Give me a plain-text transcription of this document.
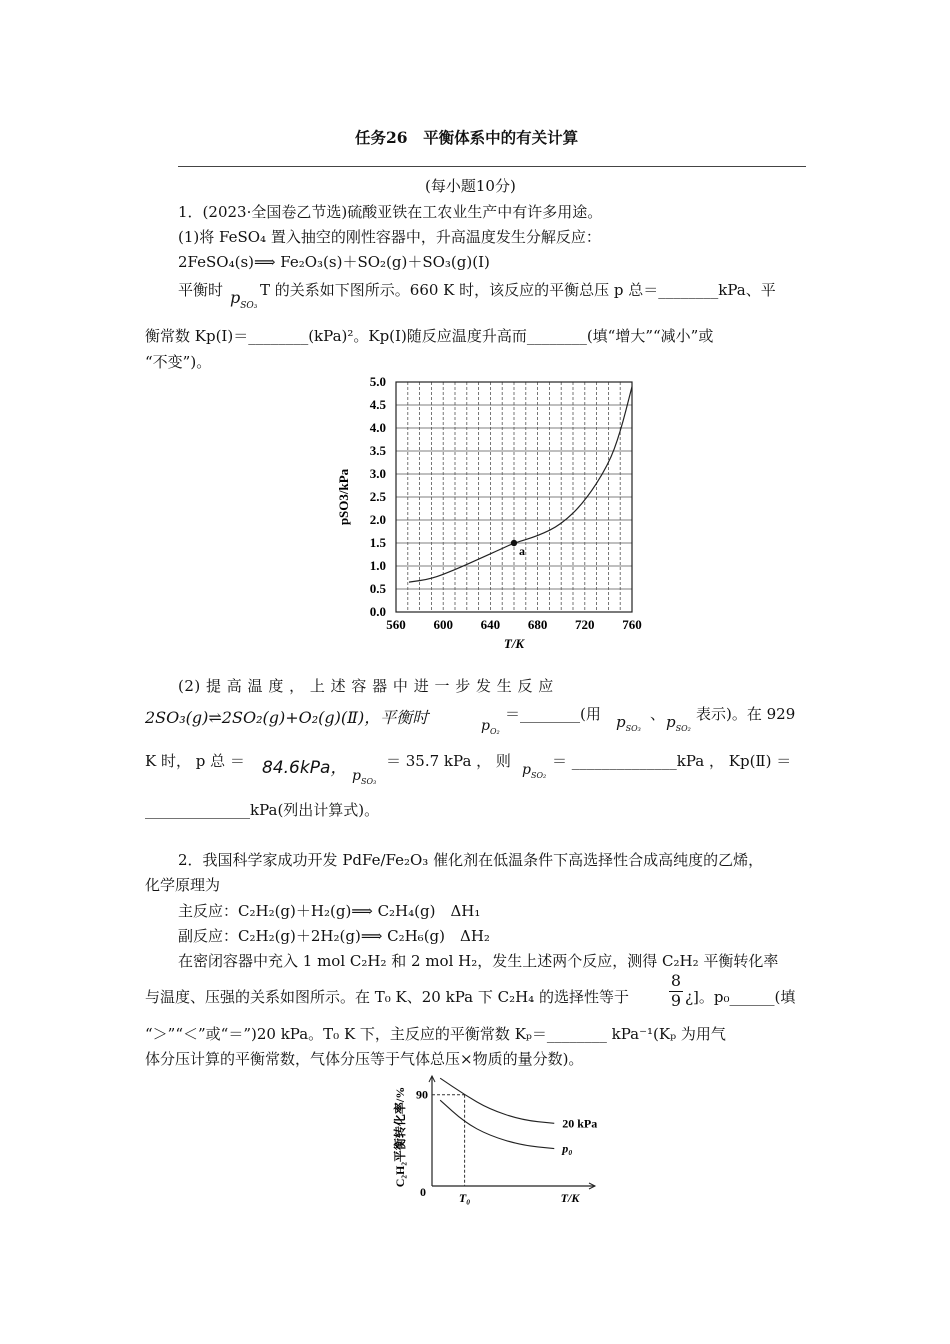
任务26　平衡体系中的有关计算
(每小题10分)
1．(2023·全国卷乙节选)硫酸亚铁在工农业生产中有许多用途。
(1)将 FeSO₄ 置入抽空的刚性容器中，升高温度发生分解反应：
2FeSO₄(s)⟹ Fe₂O₃(s)＋SO₂(g)＋SO₃(g)(Ⅰ)
平衡时 $p_{SO_3}$
T 的关系如下图所示。660 K 时，该反应的平衡总压 p 总＝________kPa、平
衡常数 Kp(Ⅰ)＝________(kPa)²。Kp(Ⅰ)随反应温度升高而________(填“增大”“减小”或
“不变”)。
0.0
0.5
1.0
1.5
2.0
2.5
3.0
3.5
4.0
4.5
5.0
560 600 640 680 720 760
T/K
pSO3/kPa
a
(2) 提 高 温 度 ， 上 述 容 器 中 进 一 步 发 生 反 应
2SO₃(g)⇌2SO₂(g)+O₂(g)(Ⅱ)，平衡时	$p_{O_2}$
＝________(用 $p_{SO_3}$
、 $p_{SO_2}$
表示)。在 929
K 时， p 总 ＝ 84.6kPa， $p_{SO_3}$
＝ 35.7 kPa ， 则 $p_{SO_2}$
＝ ______________kPa ， Kp(Ⅱ) ＝
______________kPa(列出计算式)。
2．我国科学家成功开发 PdFe/Fe₂O₃ 催化剂在低温条件下高选择性合成高纯度的乙烯，
化学原理为
主反应：C₂H₂(g)＋H₂(g)⟹ C₂H₄(g)　ΔH₁
副反应：C₂H₂(g)＋2H₂(g)⟹ C₂H₆(g)　ΔH₂
在密闭容器中充入 1 mol C₂H₂ 和 2 mol H₂，发生上述两个反应，测得 C₂H₂ 平衡转化率
与温度、压强的关系如图所示。在 T₀ K、20 kPa 下 C₂H₄ 的选择性等于	$\frac{8}{9}$ ¿]。p₀______(填
“＞”“＜”或“＝”)20 kPa。T₀ K 下，主反应的平衡常数 Kₚ＝________ kPa⁻¹(Kₚ 为用气
体分压计算的平衡常数，气体分压等于气体总压×物质的量分数)。
90
0	T₀	T/K
C₂H₂平衡转化率/%	20 kPa
p₀
